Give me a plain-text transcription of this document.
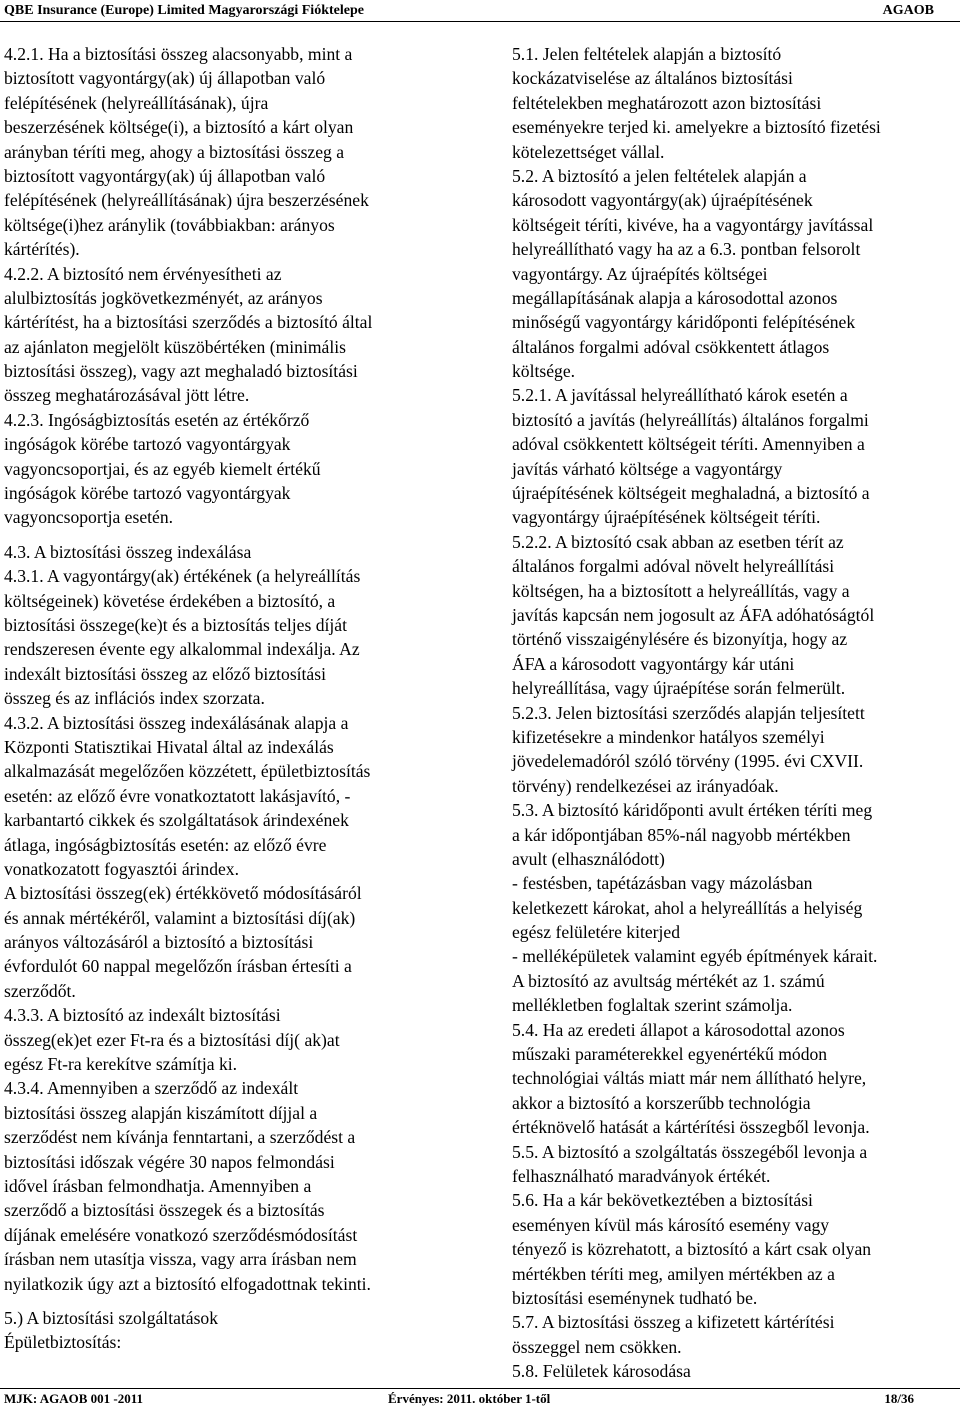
QBE Insurance (Europe) Limited Magyarországi Fióktelepe	AGAOB
4.2.1. Ha a biztosítási összeg alacsonyabb, mint a
biztosított vagyontárgy(ak) új állapotban való
felépítésének (helyreállításának), újra
beszerzésének költsége(i), a biztosító a kárt olyan
arányban téríti meg, ahogy a biztosítási összeg a
biztosított vagyontárgy(ak) új állapotban való
felépítésének (helyreállításának) újra beszerzésének
költsége(i)hez aránylik (továbbiakban: arányos
kártérítés).
4.2.2. A biztosító nem érvényesítheti az
alulbiztosítás jogkövetkezményét, az arányos
kártérítést, ha a biztosítási szerződés a biztosító által
az ajánlaton megjelölt küszöbértéken (minimális
biztosítási összeg), vagy azt meghaladó biztosítási
összeg meghatározásával jött létre.
4.2.3. Ingóságbiztosítás esetén az értékőrző
ingóságok körébe tartozó vagyontárgyak
vagyoncsoportjai, és az egyéb kiemelt értékű
ingóságok körébe tartozó vagyontárgyak
vagyoncsoportja esetén.
4.3. A biztosítási összeg indexálása
4.3.1. A vagyontárgy(ak) értékének (a helyreállítás
költségeinek) követése érdekében a biztosító, a
biztosítási összege(ke)t és a biztosítás teljes díját
rendszeresen évente egy alkalommal indexálja. Az
indexált biztosítási összeg az előző biztosítási
összeg és az inflációs index szorzata.
4.3.2. A biztosítási összeg indexálásának alapja a
Központi Statisztikai Hivatal által az indexálás
alkalmazását megelőzően közzétett, épületbiztosítás
esetén: az előző évre vonatkoztatott lakásjavító, -
karbantartó cikkek és szolgáltatások árindexének
átlaga, ingóságbiztosítás esetén: az előző évre
vonatkozatott fogyasztói árindex.
A biztosítási összeg(ek) értékkövető módosításáról
és annak mértékéről, valamint a biztosítási díj(ak)
arányos változásáról a biztosító a biztosítási
évfordulót 60 nappal megelőzőn írásban értesíti a
szerződőt.
4.3.3. A biztosító az indexált biztosítási
összeg(ek)et ezer Ft-ra és a biztosítási díj( ak)at
egész Ft-ra kerekítve számítja ki.
4.3.4. Amennyiben a szerződő az indexált
biztosítási összeg alapján kiszámított díjjal a
szerződést nem kívánja fenntartani, a szerződést a
biztosítási időszak végére 30 napos felmondási
idővel írásban felmondhatja. Amennyiben a
szerződő a biztosítási összegek és a biztosítás
díjának emelésére vonatkozó szerződésmódosítást
írásban nem utasítja vissza, vagy arra írásban nem
nyilatkozik úgy azt a biztosító elfogadottnak tekinti.
5.) A biztosítási szolgáltatások
Épületbiztosítás:
5.1. Jelen feltételek alapján a biztosító
kockázatviselése az általános biztosítási
feltételekben meghatározott azon biztosítási
eseményekre terjed ki. amelyekre a biztosító fizetési
kötelezettséget vállal.
5.2. A biztosító a jelen feltételek alapján a
károsodott vagyontárgy(ak) újraépítésének
költségeit téríti, kivéve, ha a vagyontárgy javítással
helyreállítható vagy ha az a 6.3. pontban felsorolt
vagyontárgy. Az újraépítés költségei
megállapításának alapja a károsodottal azonos
minőségű vagyontárgy káridőponti felépítésének
általános forgalmi adóval csökkentett átlagos
költsége.
5.2.1. A javítással helyreállítható károk esetén a
biztosító a javítás (helyreállítás) általános forgalmi
adóval csökkentett költségeit téríti. Amennyiben a
javítás várható költsége a vagyontárgy
újraépítésének költségeit meghaladná, a biztosító a
vagyontárgy újraépítésének költségeit téríti.
5.2.2. A biztosító csak abban az esetben térít az
általános forgalmi adóval növelt helyreállítási
költségen, ha a biztosított a helyreállítás, vagy a
javítás kapcsán nem jogosult az ÁFA adóhatóságtól
történő visszaigénylésére és bizonyítja, hogy az
ÁFA a károsodott vagyontárgy kár utáni
helyreállítása, vagy újraépítése során felmerült.
5.2.3. Jelen biztosítási szerződés alapján teljesített
kifizetésekre a mindenkor hatályos személyi
jövedelemadóról szóló törvény (1995. évi CXVII.
törvény) rendelkezései az irányadóak.
5.3. A biztosító káridőponti avult értéken téríti meg
a kár időpontjában 85%-nál nagyobb mértékben
avult (elhasználódott)
- festésben, tapétázásban vagy mázolásban
keletkezett károkat, ahol a helyreállítás a helyiség
egész felületére kiterjed
- melléképületek valamint egyéb építmények kárait.
A biztosító az avultság mértékét az 1. számú
mellékletben foglaltak szerint számolja.
5.4. Ha az eredeti állapot a károsodottal azonos
műszaki paraméterekkel egyenértékű módon
technológiai váltás miatt már nem állítható helyre,
akkor a biztosító a korszerűbb technológia
értéknövelő hatását a kártérítési összegből levonja.
5.5. A biztosító a szolgáltatás összegéből levonja a
felhasználható maradványok értékét.
5.6. Ha a kár bekövetkeztében a biztosítási
eseményen kívül más károsító esemény vagy
tényező is közrehatott, a biztosító a kárt csak olyan
mértékben téríti meg, amilyen mértékben az a
biztosítási eseménynek tudható be.
5.7. A biztosítási összeg a kifizetett kártérítési
összeggel nem csökken.
5.8. Felületek károsodása
MJK: AGAOB 001 -2011	Érvényes: 2011. október 1-től	18/36
